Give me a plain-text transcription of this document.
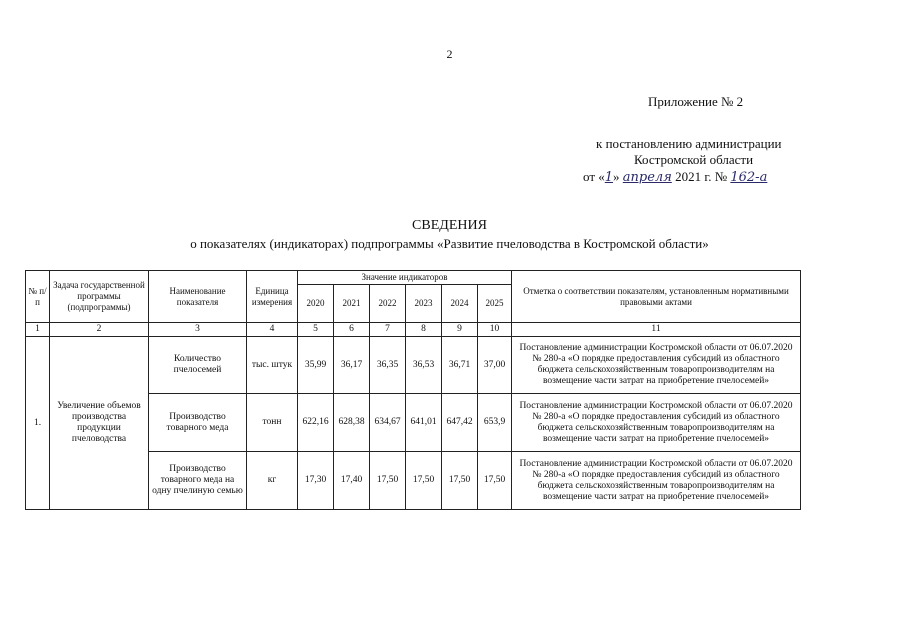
2
Приложение № 2
к постановлению администрации
Костромской области
от «1» апреля 2021 г. № 162-а
СВЕДЕНИЯ
о показателях (индикаторах) подпрограммы «Развитие пчеловодства в Костромской области»
№ п/п	Задача государственной программы (подпрограммы)	Наименование показателя	Единица измерения	Значение индикаторов						Отметка о соответствии показателям, установленным нормативными правовыми актами
				2020	2021	2022	2023	2024	2025	
1	2	3	4	5	6	7	8	9	10	11
1.	Увеличение объемов производства продукции пчеловодства	Количество пчелосемей	тыс. штук	35,99	36,17	36,35	36,53	36,71	37,00	Постановление администрации Костромской области от 06.07.2020 № 280-а «О порядке предоставления субсидий из областного бюджета сельскохозяйственным товаропроизводителям на возмещение части затрат на приобретение пчелосемей»
		Производство товарного меда	тонн	622,16	628,38	634,67	641,01	647,42	653,9	Постановление администрации Костромской области от 06.07.2020 № 280-а «О порядке предоставления субсидий из областного бюджета сельскохозяйственным товаропроизводителям на возмещение части затрат на приобретение пчелосемей»
		Производство товарного меда на одну пчелиную семью	кг	17,30	17,40	17,50	17,50	17,50	17,50	Постановление администрации Костромской области от 06.07.2020 № 280-а «О порядке предоставления субсидий из областного бюджета сельскохозяйственным товаропроизводителям на возмещение части затрат на приобретение пчелосемей»
